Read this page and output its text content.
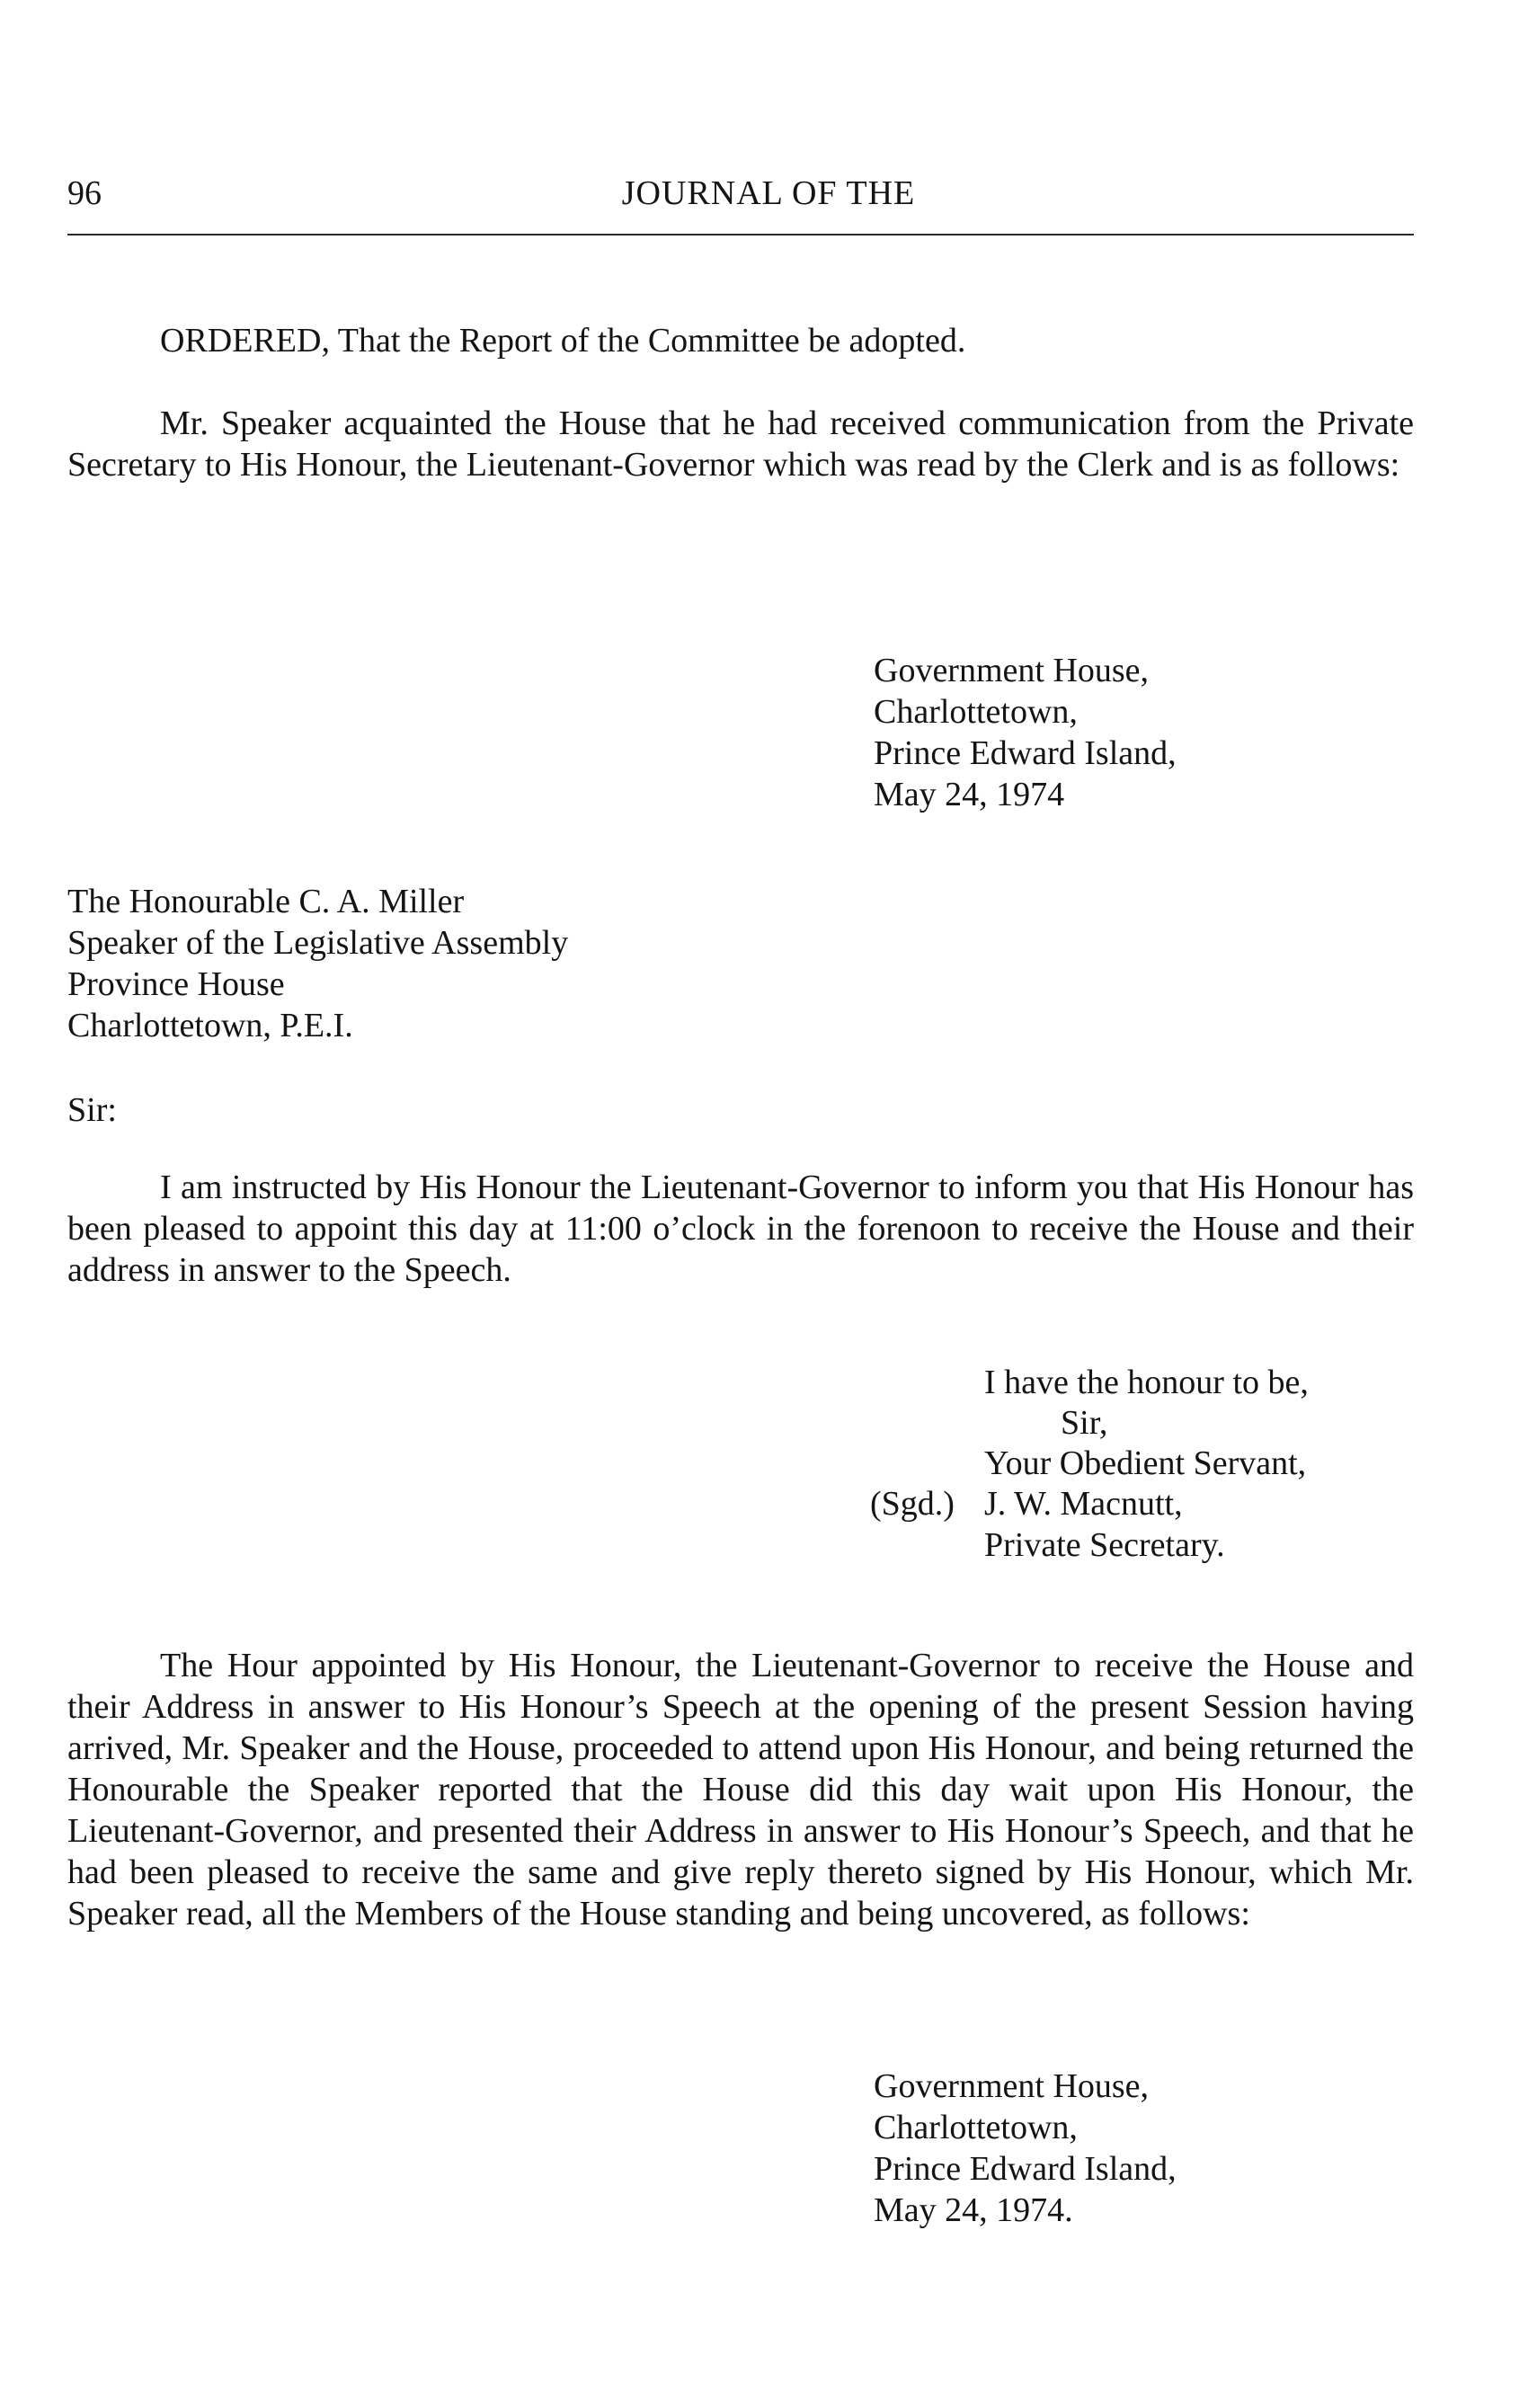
96	JOURNAL OF THE
ORDERED, That the Report of the Committee be adopted.
Mr. Speaker acquainted the House that he had received communication from the Private Secretary to His Honour, the Lieutenant-Governor which was read by the Clerk and is as follows:
Government House,
Charlottetown,
Prince Edward Island,
May 24, 1974
The Honourable C. A. Miller
Speaker of the Legislative Assembly
Province House
Charlottetown, P.E.I.
Sir:
I am instructed by His Honour the Lieutenant-Governor to inform you that His Honour has been pleased to appoint this day at 11:00 o’clock in the forenoon to receive the House and their address in answer to the Speech.
I have the honour to be,
Sir,
Your Obedient Servant,
(Sgd.) J. W. Macnutt,
Private Secretary.
The Hour appointed by His Honour, the Lieutenant-Governor to receive the House and their Address in answer to His Honour’s Speech at the opening of the present Session having arrived, Mr. Speaker and the House, proceeded to attend upon His Honour, and being returned the Honourable the Speaker reported that the House did this day wait upon His Honour, the Lieutenant-Governor, and presented their Address in answer to His Honour’s Speech, and that he had been pleased to receive the same and give reply thereto signed by His Honour, which Mr. Speaker read, all the Members of the House standing and being uncovered, as follows:
Government House,
Charlottetown,
Prince Edward Island,
May 24, 1974.
